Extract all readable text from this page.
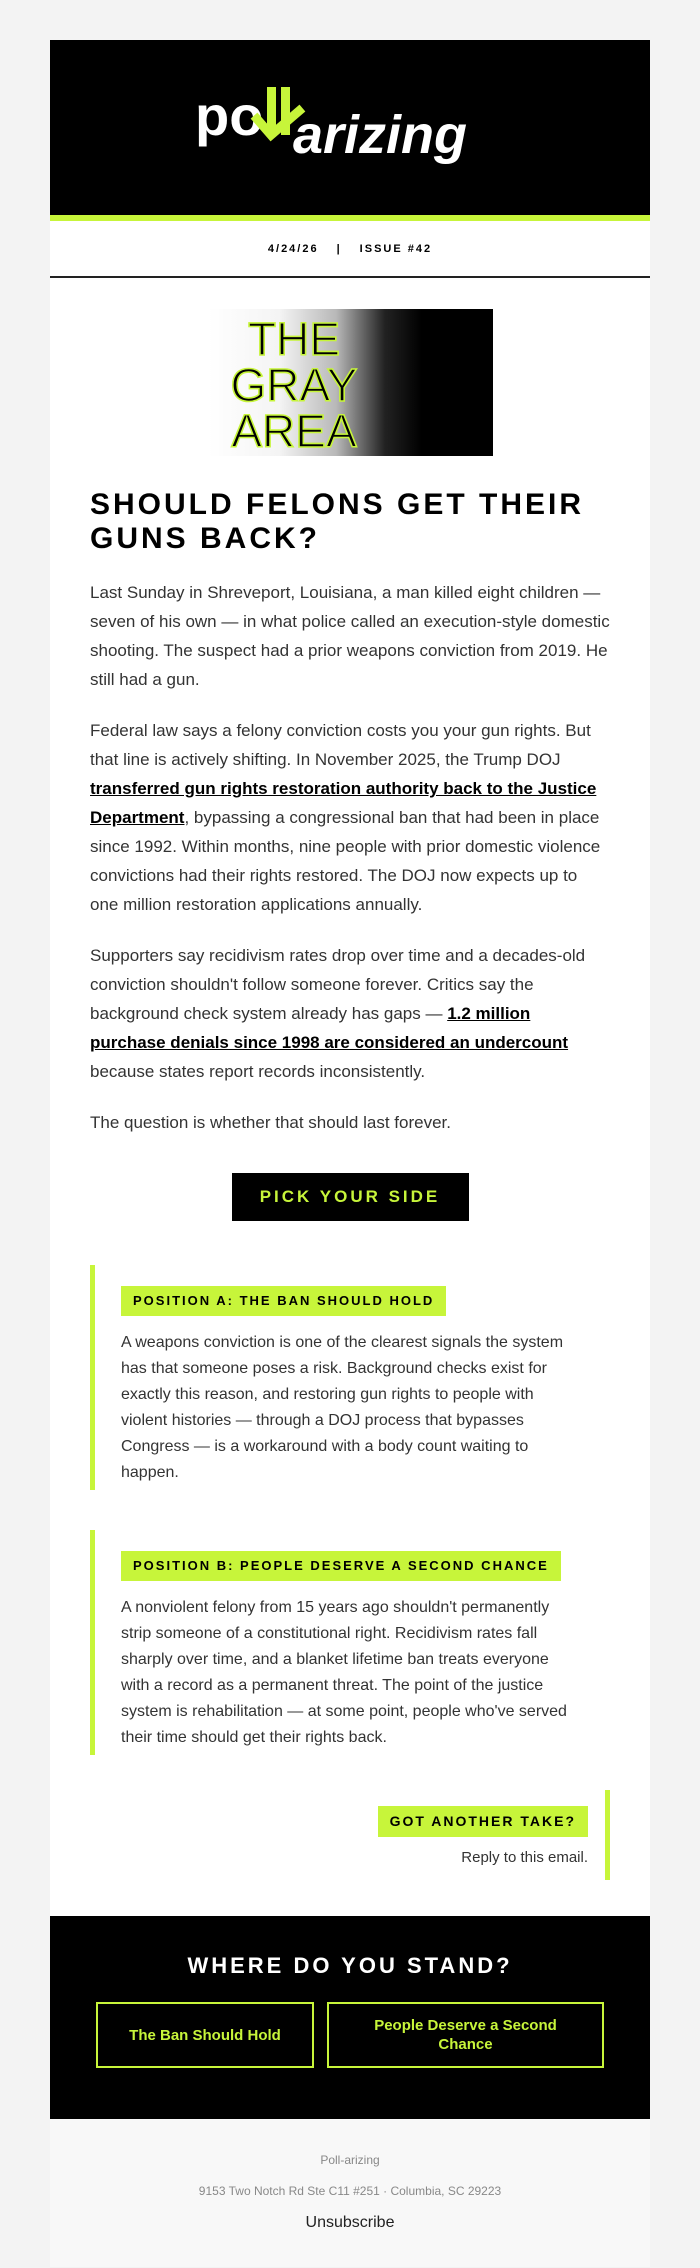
po arizing
4/24/26 | ISSUE #42
THE
GRAY
AREA
SHOULD FELONS GET THEIR GUNS BACK?

Last Sunday in Shreveport, Louisiana, a man killed eight children — seven of his own — in what police called an execution-style domestic shooting. The suspect had a prior weapons conviction from 2019. He still had a gun.

Federal law says a felony conviction costs you your gun rights. But that line is actively shifting. In November 2025, the Trump DOJ transferred gun rights restoration authority back to the Justice Department, bypassing a congressional ban that had been in place since 1992. Within months, nine people with prior domestic violence convictions had their rights restored. The DOJ now expects up to one million restoration applications annually.

Supporters say recidivism rates drop over time and a decades-old conviction shouldn't follow someone forever. Critics say the background check system already has gaps — 1.2 million purchase denials since 1998 are considered an undercount because states report records inconsistently.

The question is whether that should last forever.

PICK YOUR SIDE
POSITION A: THE BAN SHOULD HOLD

A weapons conviction is one of the clearest signals the system has that someone poses a risk. Background checks exist for exactly this reason, and restoring gun rights to people with violent histories — through a DOJ process that bypasses Congress — is a workaround with a body count waiting to happen.

POSITION B: PEOPLE DESERVE A SECOND CHANCE

A nonviolent felony from 15 years ago shouldn't permanently strip someone of a constitutional right. Recidivism rates fall sharply over time, and a blanket lifetime ban treats everyone with a record as a permanent threat. The point of the justice system is rehabilitation — at some point, people who've served their time should get their rights back.

GOT ANOTHER TAKE?
Reply to this email.
WHERE DO YOU STAND?
The Ban Should Hold
People Deserve a Second Chance
Poll-arizing
9153 Two Notch Rd Ste C11 #251 · Columbia, SC 29223
Unsubscribe
